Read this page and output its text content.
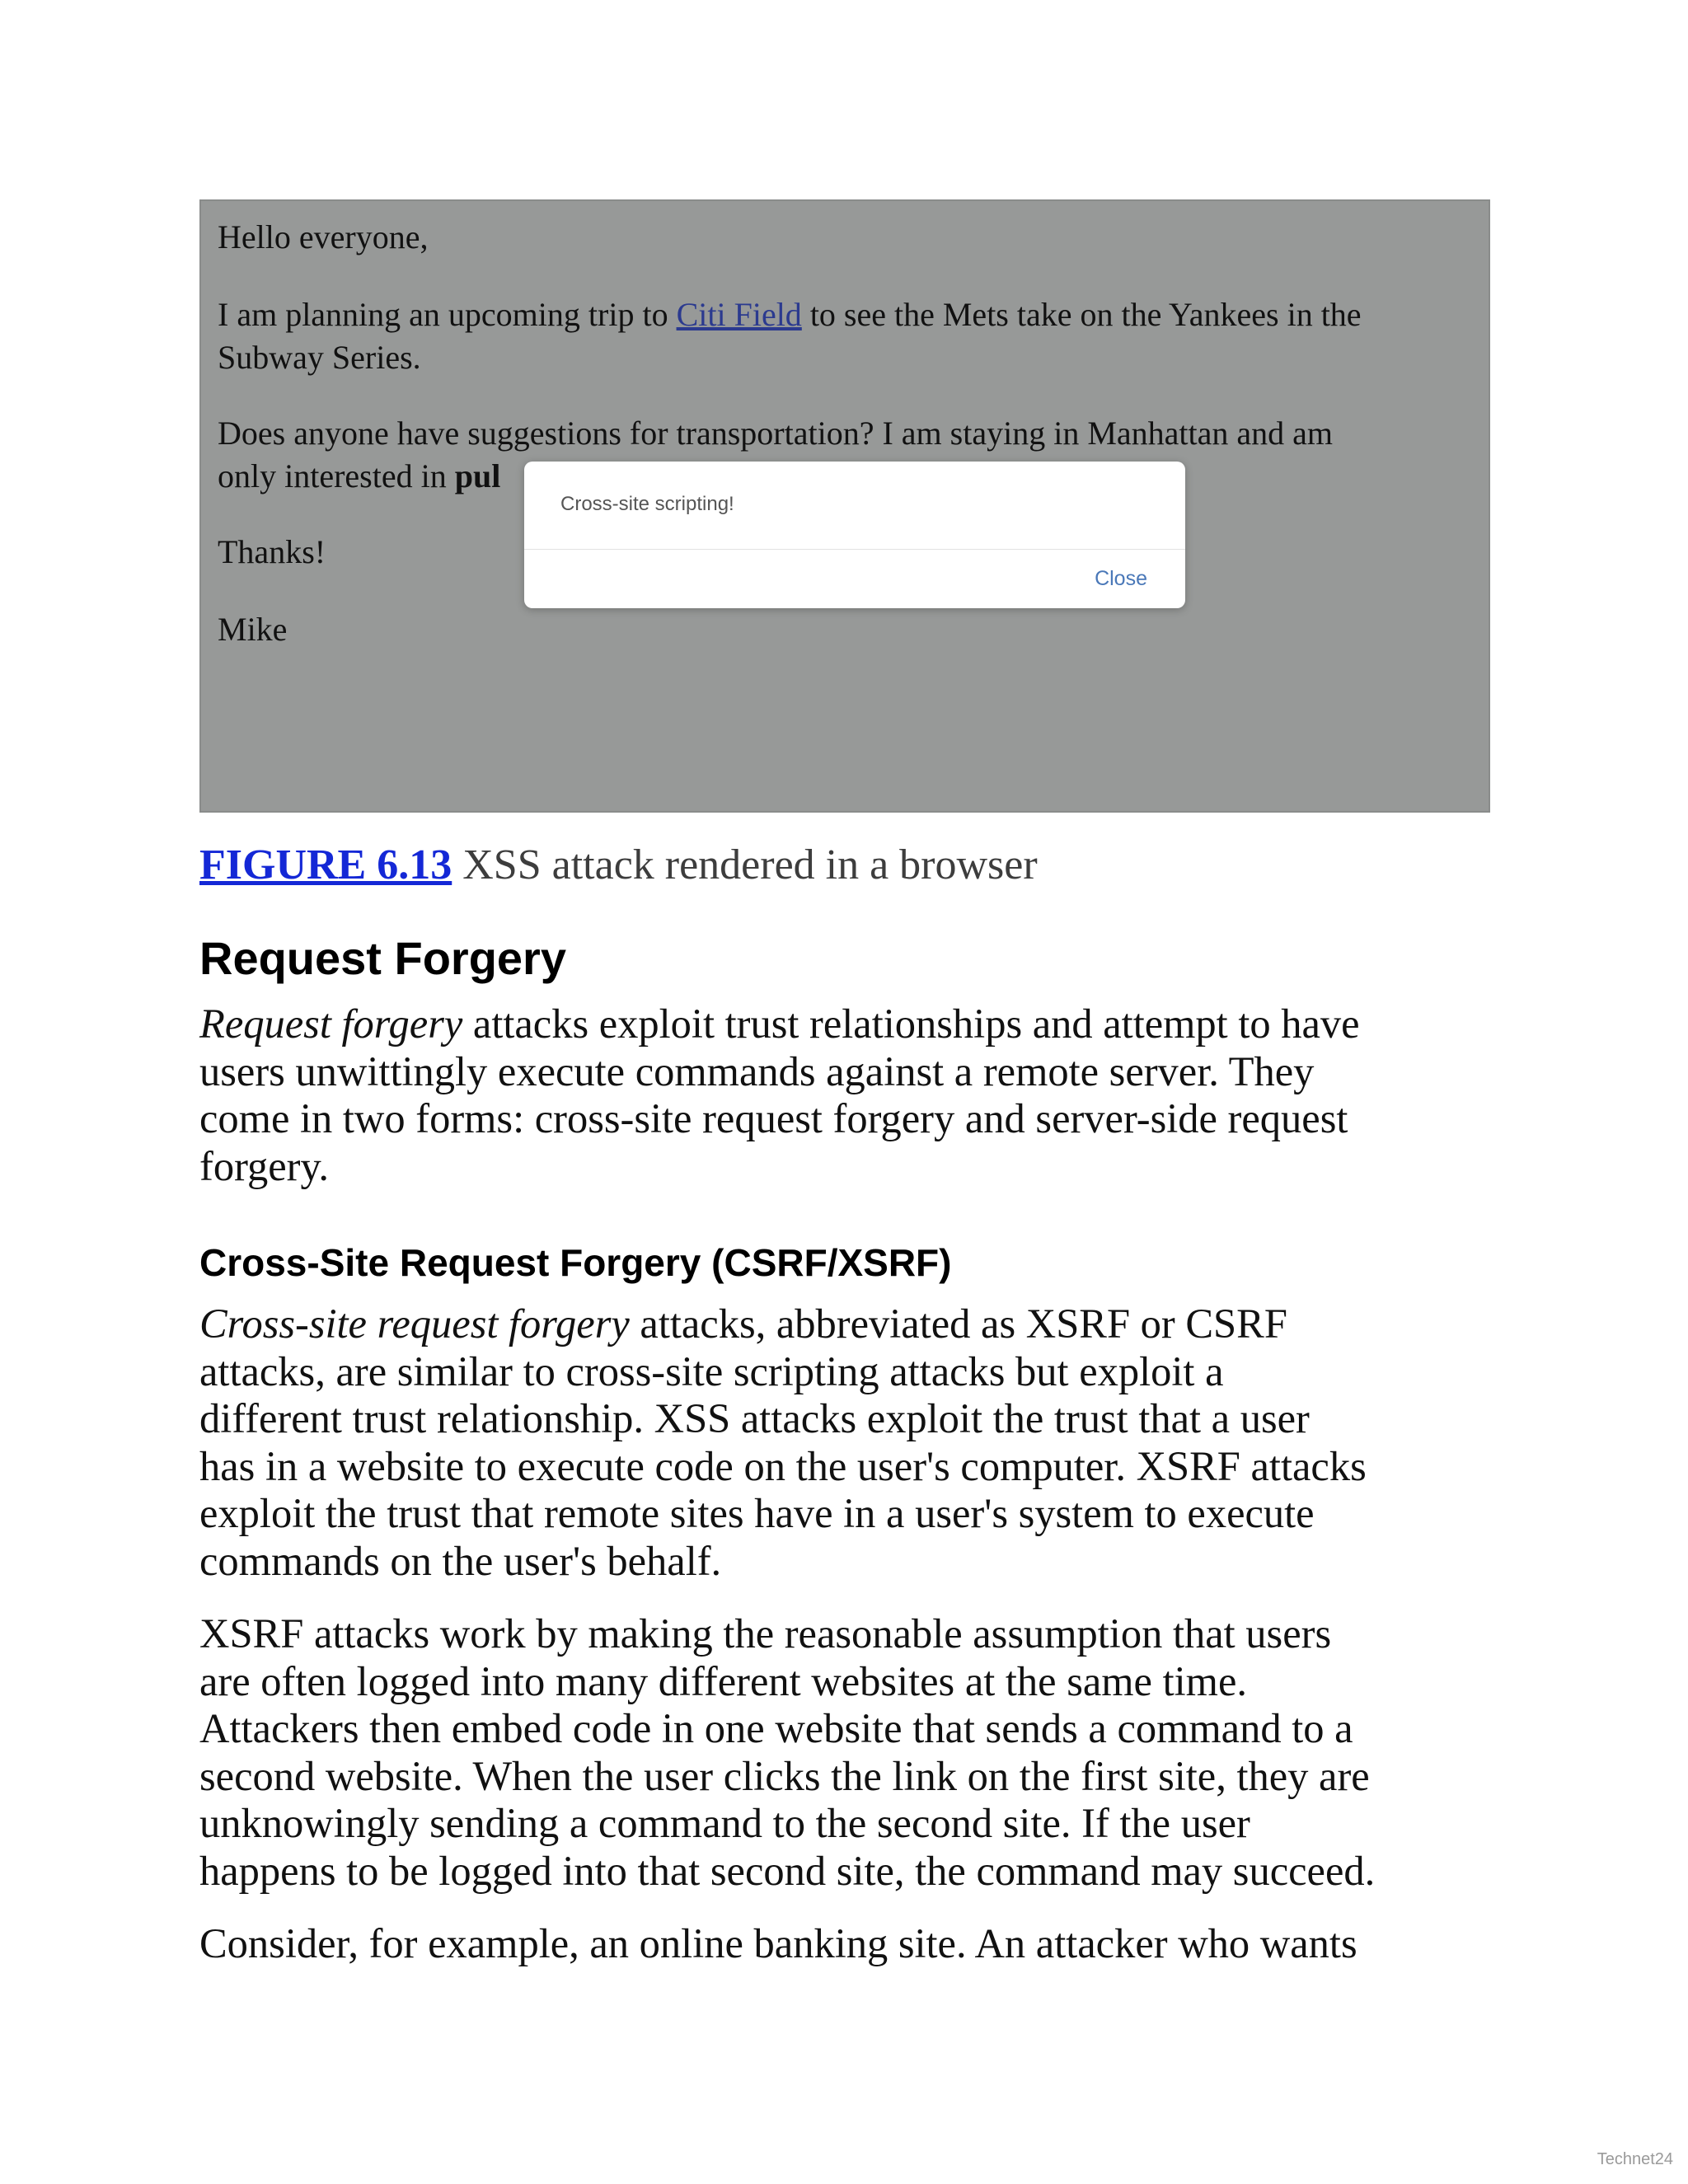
Hello everyone,

I am planning an upcoming trip to Citi Field to see the Mets take on the Yankees in the
Subway Series.

Does anyone have suggestions for transportation? I am staying in Manhattan and am
only interested in pul

Thanks!

Mike

Cross-site scripting!
Close
FIGURE 6.13 XSS attack rendered in a browser
Request Forgery

Request forgery attacks exploit trust relationships and attempt to have
users unwittingly execute commands against a remote server. They
come in two forms: cross-site request forgery and server-side request
forgery.

Cross-Site Request Forgery (CSRF/XSRF)

Cross-site request forgery attacks, abbreviated as XSRF or CSRF
attacks, are similar to cross-site scripting attacks but exploit a
different trust relationship. XSS attacks exploit the trust that a user
has in a website to execute code on the user's computer. XSRF attacks
exploit the trust that remote sites have in a user's system to execute
commands on the user's behalf.

XSRF attacks work by making the reasonable assumption that users
are often logged into many different websites at the same time.
Attackers then embed code in one website that sends a command to a
second website. When the user clicks the link on the first site, they are
unknowingly sending a command to the second site. If the user
happens to be logged into that second site, the command may succeed.

Consider, for example, an online banking site. An attacker who wants

Technet24
